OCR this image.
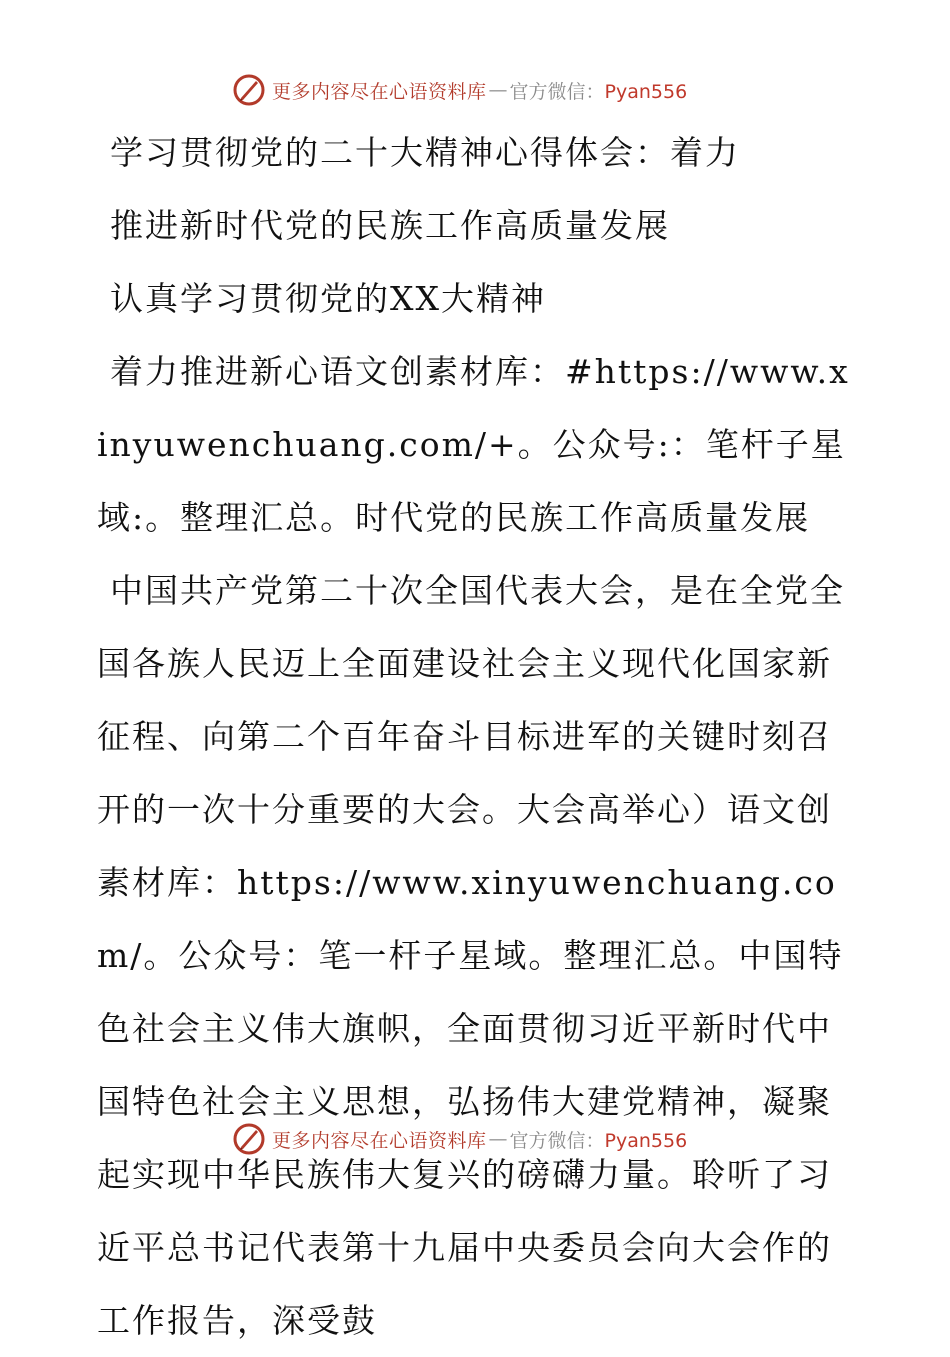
更多内容尽在心语资料库 — 官方微信：Pyan556

学习贯彻党的二十大精神心得体会：着力

推进新时代党的民族工作高质量发展

认真学习贯彻党的XX大精神

着力推进新心语文创素材库：#https://www.xinyuwenchuang.com/+。公众号:：笔杆子星域:。整理汇总。时代党的民族工作高质量发展

中国共产党第二十次全国代表大会，是在全党全国各族人民迈上全面建设社会主义现代化国家新征程、向第二个百年奋斗目标进军的关键时刻召开的一次十分重要的大会。大会高举心）语文创素材库：https://www.xinyuwenchuang.com/。公众号：笔一杆子星域。整理汇总。中国特色社会主义伟大旗帜，全面贯彻习近平新时代中国特色社会主义思想，弘扬伟大建党精神，凝聚起实现中华民族伟大复兴的磅礴力量。聆听了习近平总书记代表第十九届中央委员会向大会作的工作报告，深受鼓

更多内容尽在心语资料库 — 官方微信：Pyan556
